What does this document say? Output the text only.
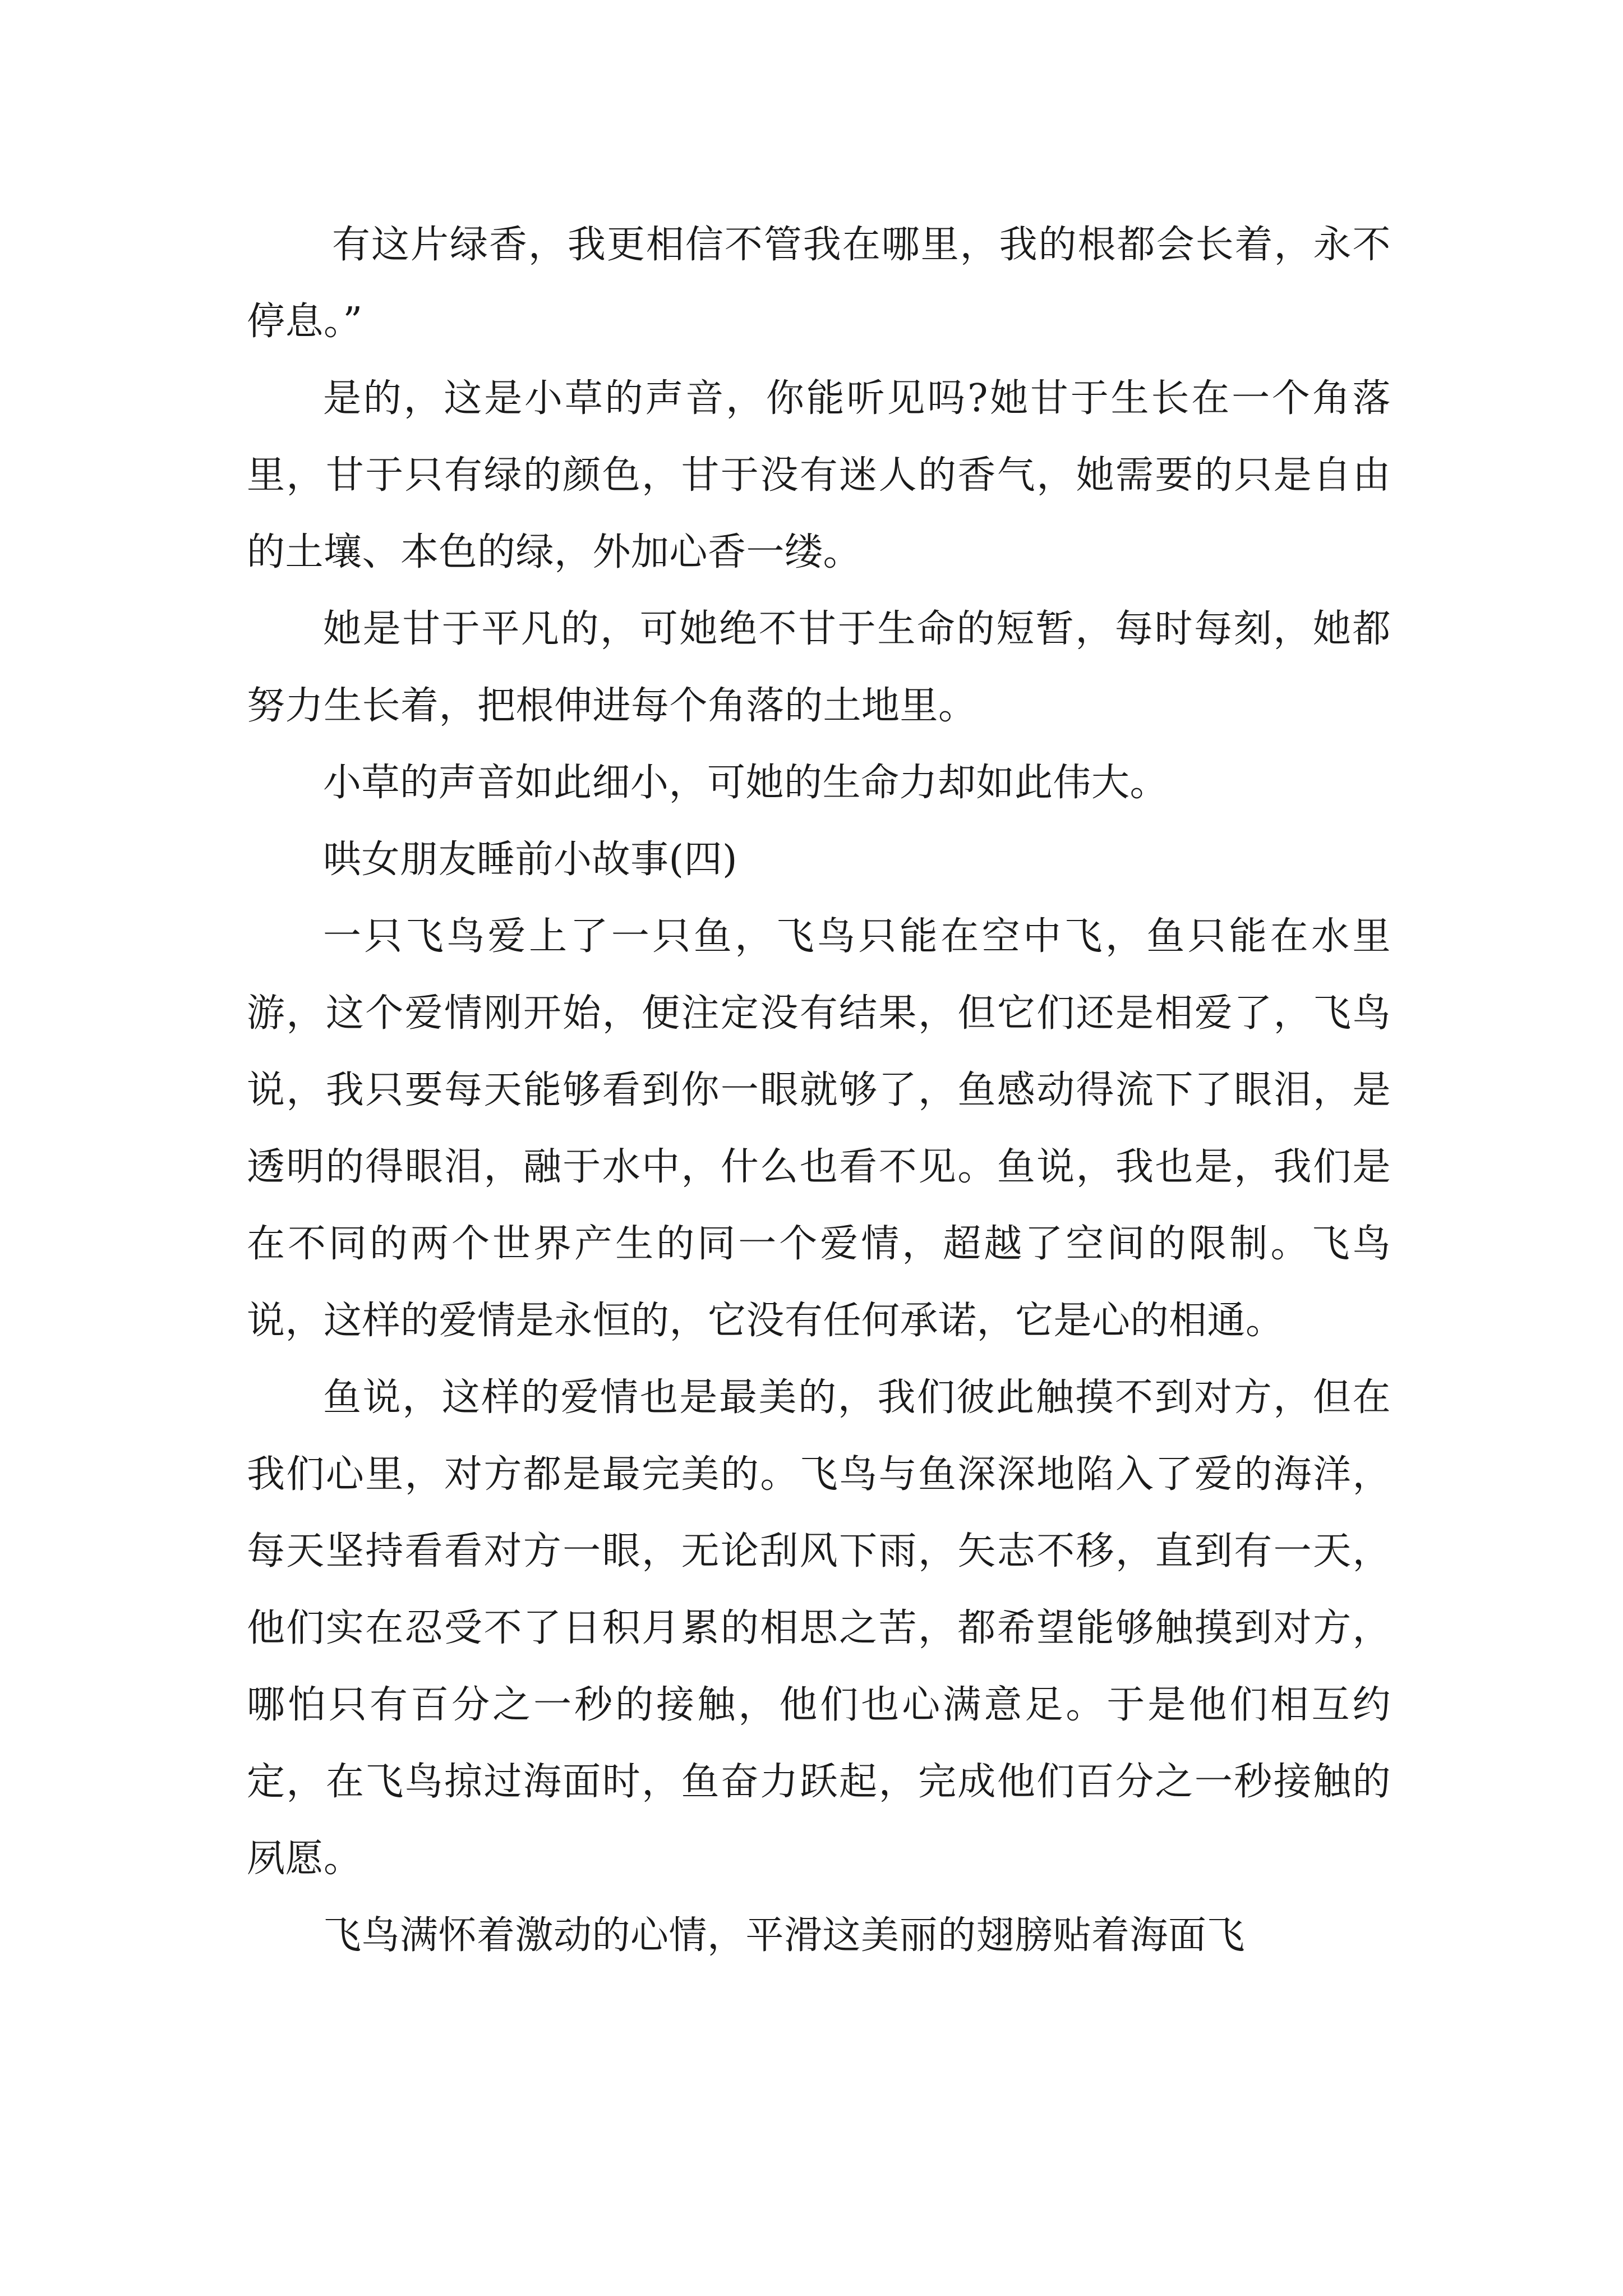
有这片绿香，我更相信不管我在哪里，我的根都会长着，永不停息。”

是的，这是小草的声音，你能听见吗?她甘于生长在一个角落里，甘于只有绿的颜色，甘于没有迷人的香气，她需要的只是自由的土壤、本色的绿，外加心香一缕。

她是甘于平凡的，可她绝不甘于生命的短暂，每时每刻，她都努力生长着，把根伸进每个角落的土地里。

小草的声音如此细小，可她的生命力却如此伟大。

哄女朋友睡前小故事(四)

一只飞鸟爱上了一只鱼，飞鸟只能在空中飞，鱼只能在水里游，这个爱情刚开始，便注定没有结果，但它们还是相爱了，飞鸟说，我只要每天能够看到你一眼就够了，鱼感动得流下了眼泪，是透明的得眼泪，融于水中，什么也看不见。鱼说，我也是，我们是在不同的两个世界产生的同一个爱情，超越了空间的限制。飞鸟说，这样的爱情是永恒的，它没有任何承诺，它是心的相通。

鱼说，这样的爱情也是最美的，我们彼此触摸不到对方，但在我们心里，对方都是最完美的。飞鸟与鱼深深地陷入了爱的海洋，每天坚持看看对方一眼，无论刮风下雨，矢志不移，直到有一天，他们实在忍受不了日积月累的相思之苦，都希望能够触摸到对方，哪怕只有百分之一秒的接触，他们也心满意足。于是他们相互约定，在飞鸟掠过海面时，鱼奋力跃起，完成他们百分之一秒接触的夙愿。

飞鸟满怀着激动的心情，平滑这美丽的翅膀贴着海面飞
